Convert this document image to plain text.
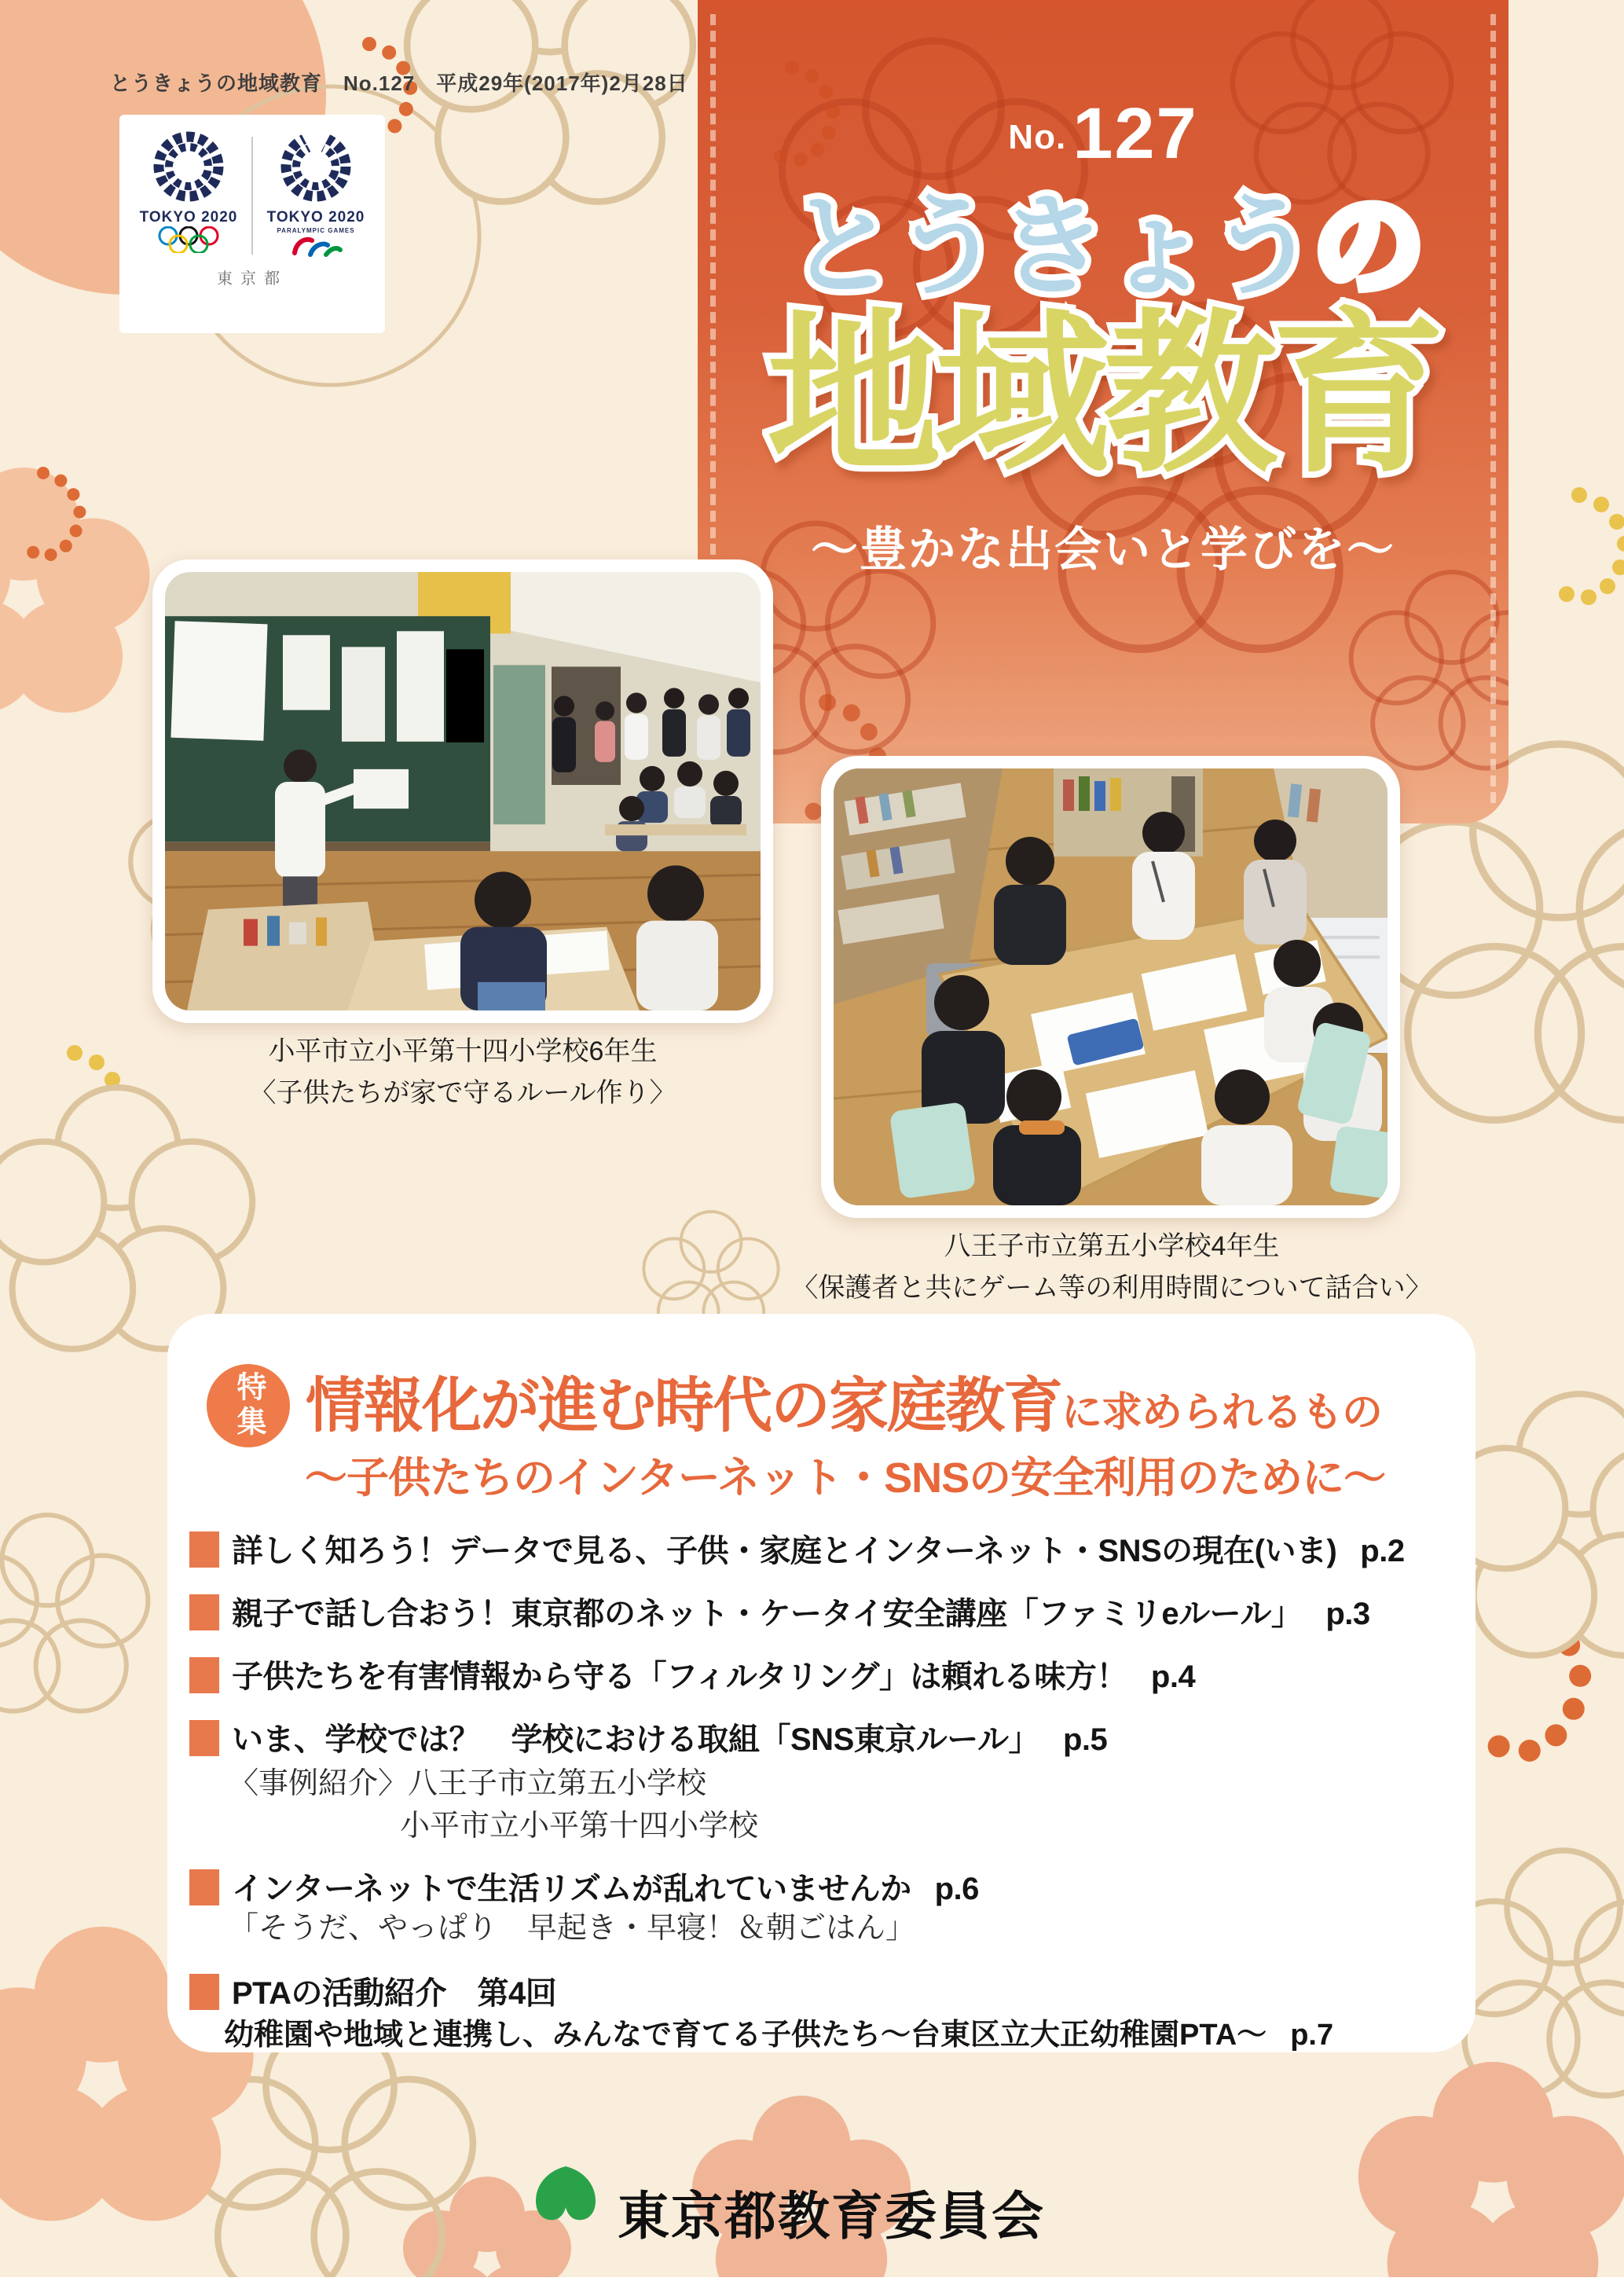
No.127
とうきょう とうきょうの の
地域教育 地域教育
〜豊かな出会いと学びを〜
とうきょうの地域教育　No.127　平成29年(2017年)2月28日
TOKYO 2020 TOKYO 2020
PARALYMPIC GAMES
東京都
小平市立小平第十四小学校6年生
〈子供たちが家で守るルール作り〉
八王子市立第五小学校4年生
〈保護者と共にゲーム等の利用時間について話合い〉
特集 情報化が進む時代の家庭教育に求められるもの
〜子供たちのインターネット・SNSの安全利用のために〜
詳しく知ろう！データで見る、子供・家庭とインターネット・SNSの現在(いま) p.2
親子で話し合おう！東京都のネット・ケータイ安全講座「ファミリeルール」 p.3
子供たちを有害情報から守る「フィルタリング」は頼れる味方！ p.4
いま、学校では？　学校における取組「SNS東京ルール」 p.5
〈事例紹介〉八王子市立第五小学校
小平市立小平第十四小学校
インターネットで生活リズムが乱れていませんか p.6
「そうだ、やっぱり　早起き・早寝！＆朝ごはん」
PTAの活動紹介　第4回
幼稚園や地域と連携し、みんなで育てる子供たち〜台東区立大正幼稚園PTA〜 p.7
東京都教育委員会
